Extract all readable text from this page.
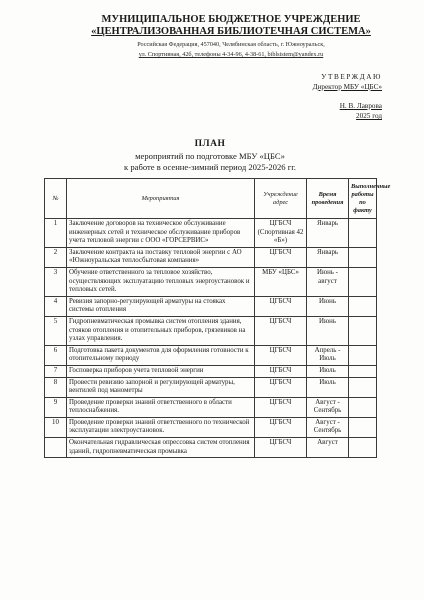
МУНИЦИПАЛЬНОЕ БЮДЖЕТНОЕ УЧРЕЖДЕНИЕ
«ЦЕНТРАЛИЗОВАННАЯ БИБЛИОТЕЧНАЯ СИСТЕМА»
Российская Федерация, 457040, Челябинская область, г. Южноуральск,
ул. Спортивная, 42б, телефоны 4-34-96, 4-38-61, biblsistem@yandex.ru
УТВЕРЖДАЮ
Директор МБУ «ЦБС»
Н. В. Лаврова
2025 год
ПЛАН
мероприятий по подготовке МБУ «ЦБС»
к работе в осенне-зимний период 2025-2026 гг.
№	Мероприятия	Учреждение адрес	Время проведения	Выполненные работы по факту
1	Заключение договоров на техническое обслуживание инженерных сетей и техническое обслуживание приборов учета тепловой энергии с ООО «ГОРСЕРВИС»	ЦГБСЧ (Спортивная 42 «Б»)	Январь	
2	Заключение контракта на поставку тепловой энергии с АО «Южноуральская теплосбытовая компания»	ЦГБСЧ	Январь	
3	Обучение ответственного за тепловое хозяйство, осуществляющих эксплуатацию тепловых энергоустановок и тепловых сетей.	МБУ «ЦБС»	Июнь - август	
4	Ревизия запорно-регулирующей арматуры на стояках системы отопления	ЦГБСЧ	Июнь	
5	Гидропневматическая промывка систем отопления здания, стояков отопления и отопительных приборов, грязевиков на узлах управления.	ЦГБСЧ	Июнь	
6	Подготовка пакета документов для оформления готовности к отопительному периоду	ЦГБСЧ	Апрель - Июль	
7	Госповерка приборов учета тепловой энергии	ЦГБСЧ	Июль	
8	Провести ревизию запорной и регулирующей арматуры, вентилей под манометры	ЦГБСЧ	Июль	
9	Проведение проверки знаний ответственного в области теплоснабжения.	ЦГБСЧ	Август - Сентябрь	
10	Проведение проверки знаний ответственного по технической эксплуатации электроустановок.	ЦГБСЧ	Август - Сентябрь	
	Окончательная гидравлическая опрессовка систем отопления зданий, гидропневматическая промывка	ЦГБСЧ	Август	
